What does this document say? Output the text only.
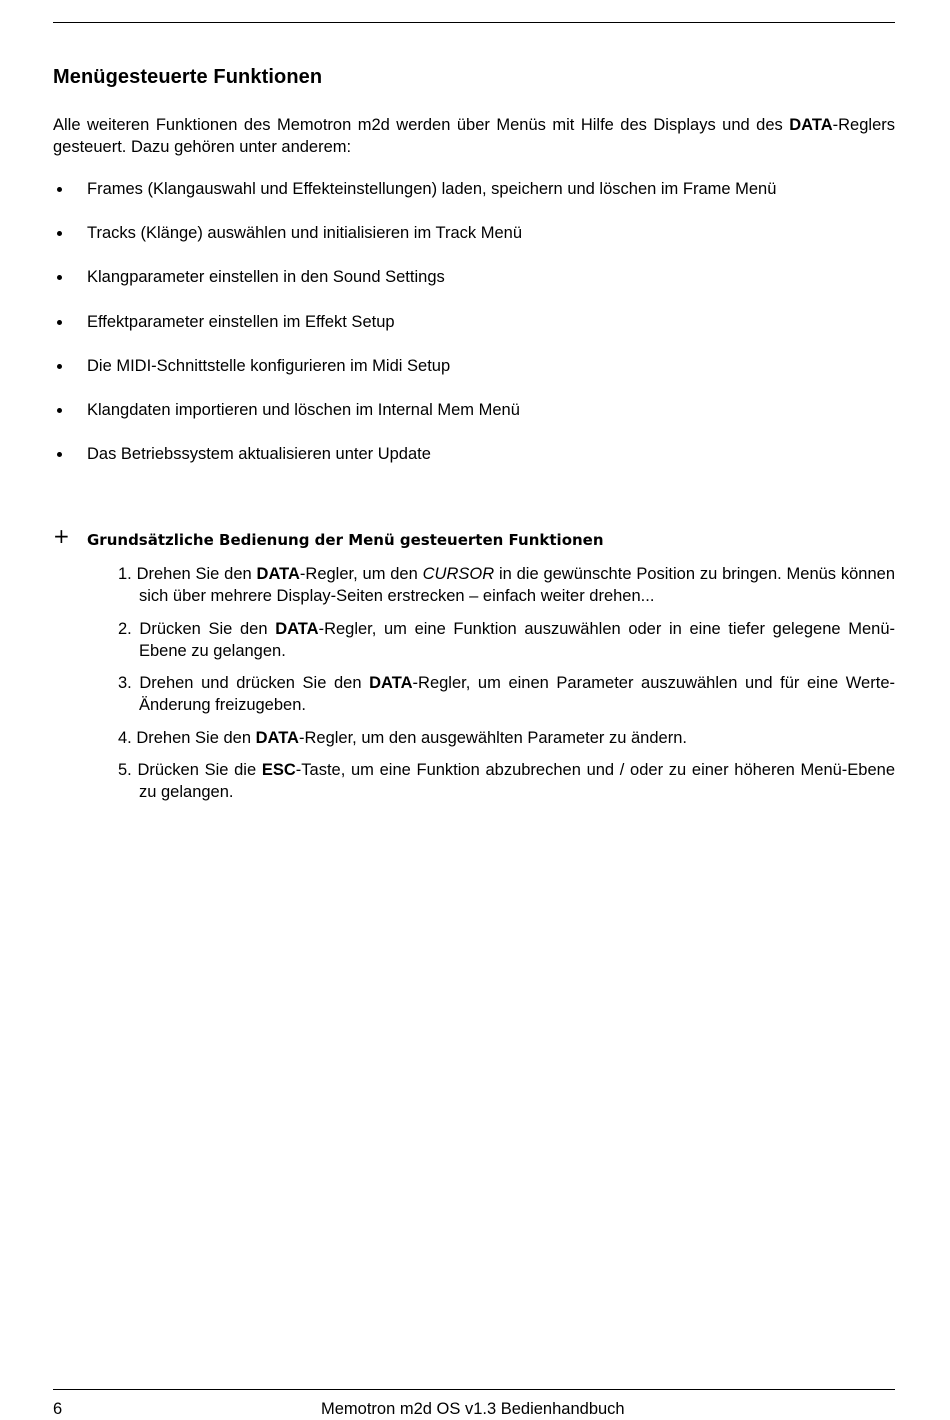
Menügesteuerte Funktionen
Alle weiteren Funktionen des Memotron m2d werden über Menüs mit Hilfe des Displays und des DATA-Reglers gesteuert. Dazu gehören unter anderem:
Frames (Klangauswahl und Effekteinstellungen) laden, speichern und löschen im Frame Menü
Tracks (Klänge) auswählen und initialisieren im Track Menü
Klangparameter einstellen in den Sound Settings
Effektparameter einstellen im Effekt Setup
Die MIDI-Schnittstelle konfigurieren im Midi Setup
Klangdaten importieren und löschen im Internal Mem Menü
Das Betriebssystem aktualisieren unter Update
+ Grundsätzliche Bedienung der Menü gesteuerten Funktionen
1. Drehen Sie den DATA-Regler, um den CURSOR in die gewünschte Position zu bringen. Menüs können sich über mehrere Display-Seiten erstrecken – einfach weiter drehen...
2. Drücken Sie den DATA-Regler, um eine Funktion auszuwählen oder in eine tiefer gelegene Menü-Ebene zu gelangen.
3. Drehen und drücken Sie den DATA-Regler, um einen Parameter auszuwählen und für eine Werte-Änderung freizugeben.
4. Drehen Sie den DATA-Regler, um den ausgewählten Parameter zu ändern.
5. Drücken Sie die ESC-Taste, um eine Funktion abzubrechen und / oder zu einer höheren Menü-Ebene zu gelangen.
6	Memotron m2d OS v1.3 Bedienhandbuch
